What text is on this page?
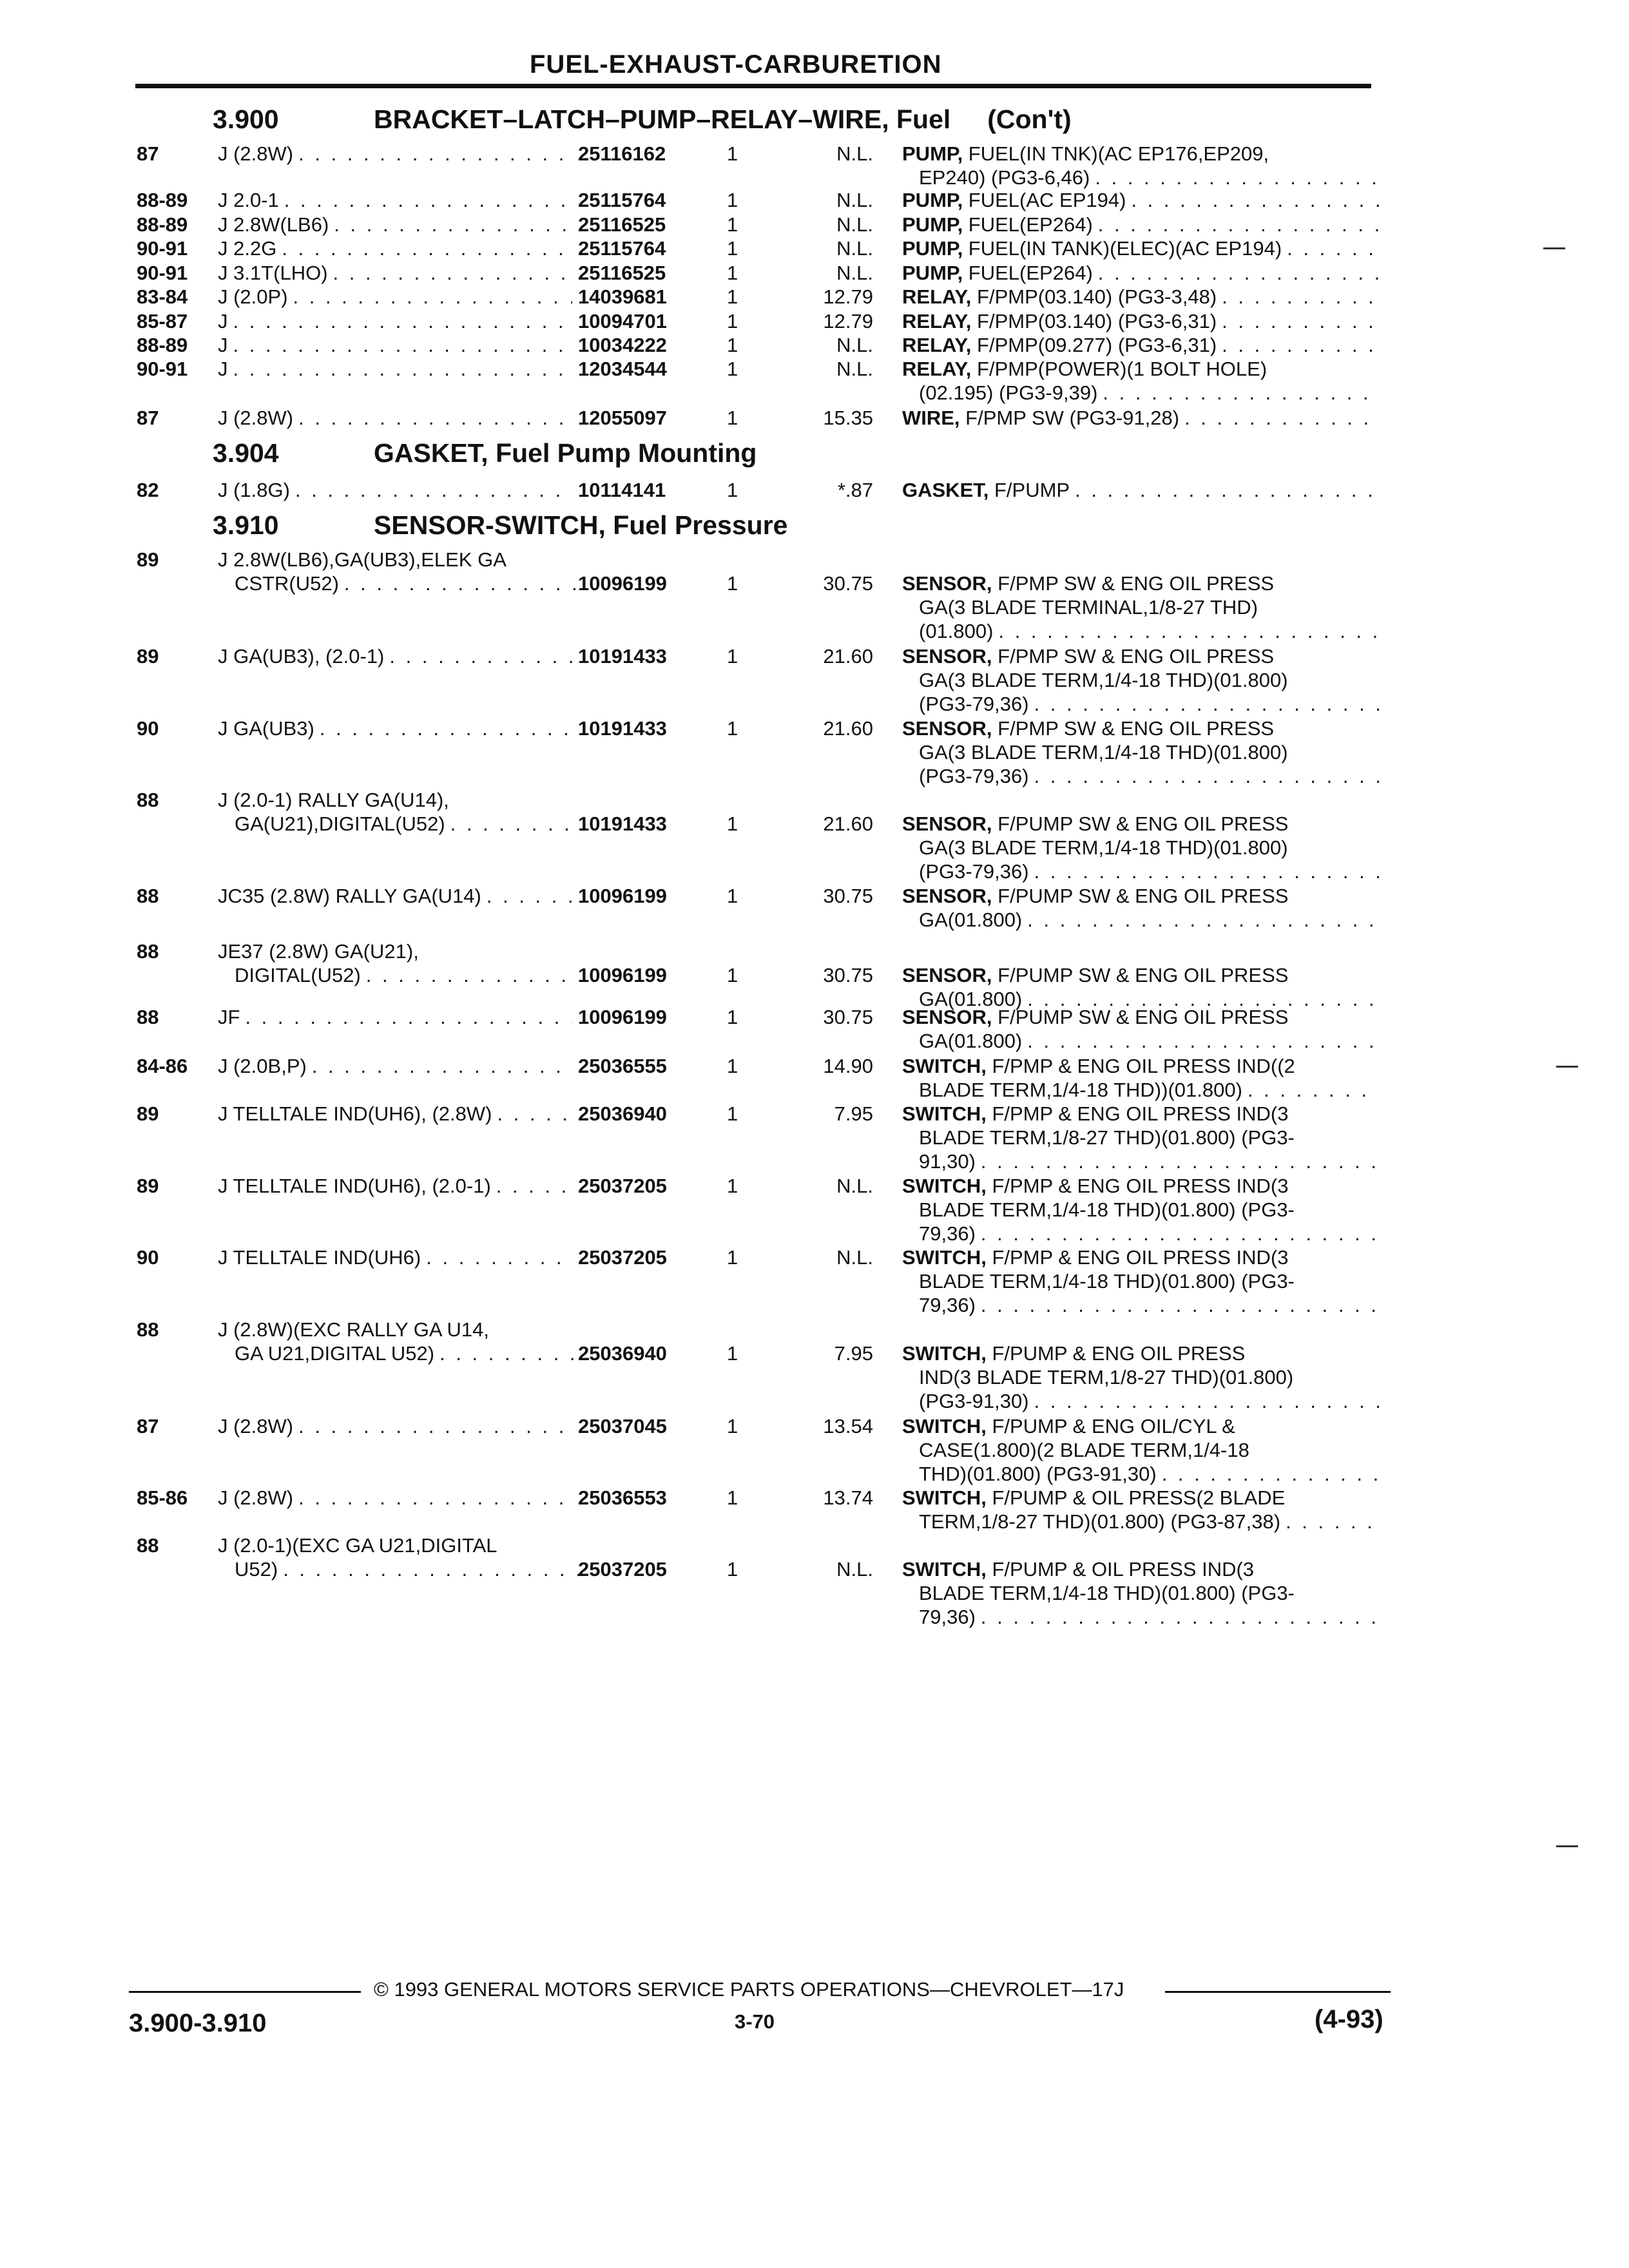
FUEL-EXHAUST-CARBURETION
3.900	BRACKET–LATCH–PUMP–RELAY–WIRE, Fuel     (Con't)
3.904	GASKET, Fuel Pump Mounting
3.910	SENSOR-SWITCH, Fuel Pressure
87	J (2.8W) . . .	25116162	1	N.L. PUMP, FUEL(IN TNK)(AC EP176,EP209,
EP240) (PG3-6,46)
. . .
88-89 J 2.0-1 . . .	25115764	1	N.L. PUMP, FUEL(AC EP194)
. . .
88-89 J 2.8W(LB6) . . .	25116525	1	N.L. PUMP, FUEL(EP264)
. . .
90-91 J 2.2G . . .	25115764	1	N.L. PUMP, FUEL(IN TANK)(ELEC)(AC EP194)
. . .
90-91 J 3.1T(LHO) . . .	25116525	1	N.L. PUMP, FUEL(EP264)
. . .
83-84 J (2.0P) . . .	14039681	1	12.79 RELAY, F/PMP(03.140) (PG3-3,48)
. . .
85-87 J . . .	10094701	1	12.79 RELAY, F/PMP(03.140) (PG3-6,31)
. . .
88-89 J . . .	10034222	1	N.L. RELAY, F/PMP(09.277) (PG3-6,31)
. . .
90-91 J . . .	12034544	1	N.L. RELAY, F/PMP(POWER)(1 BOLT HOLE)
(02.195) (PG3-9,39)
. . .
87	J (2.8W) . . .	12055097	1	15.35 WIRE, F/PMP SW (PG3-91,28)
. . .
82	J (1.8G) . . .	10114141	1	*.87 GASKET, F/PUMP
. . .
89	J 2.8W(LB6),GA(UB3),ELEK GA
CSTR(U52) . . .	10096199	1	30.75 SENSOR, F/PMP SW & ENG OIL PRESS
GA(3 BLADE TERMINAL,1/8-27 THD)
(01.800)
. . .
89	J GA(UB3), (2.0-1) . . .	10191433	1	21.60 SENSOR, F/PMP SW & ENG OIL PRESS
GA(3 BLADE TERM,1/4-18 THD)(01.800)
(PG3-79,36)
. . .
90	J GA(UB3) . . .	10191433	1	21.60 SENSOR, F/PMP SW & ENG OIL PRESS
GA(3 BLADE TERM,1/4-18 THD)(01.800)
(PG3-79,36)
. . .
88	J (2.0-1) RALLY GA(U14),
GA(U21),DIGITAL(U52) . . .	10191433	1	21.60 SENSOR, F/PUMP SW & ENG OIL PRESS
GA(3 BLADE TERM,1/4-18 THD)(01.800)
(PG3-79,36)
. . .
88	JC35 (2.8W) RALLY GA(U14) . . .	10096199	1	30.75 SENSOR, F/PUMP SW & ENG OIL PRESS
GA(01.800)
. . .
88	JE37 (2.8W) GA(U21),
DIGITAL(U52) . . .	10096199	1	30.75 SENSOR, F/PUMP SW & ENG OIL PRESS
GA(01.800)
. . .
88	JF . . .	10096199	1	30.75 SENSOR, F/PUMP SW & ENG OIL PRESS
GA(01.800)
. . .
84-86 J (2.0B,P) . . .	25036555	1	14.90 SWITCH, F/PMP & ENG OIL PRESS IND((2
BLADE TERM,1/4-18 THD))(01.800)
. . .
89	J TELLTALE IND(UH6), (2.8W) . . .	25036940	1	7.95 SWITCH, F/PMP & ENG OIL PRESS IND(3
BLADE TERM,1/8-27 THD)(01.800) (PG3-
91,30)
. . .
89	J TELLTALE IND(UH6), (2.0-1) . . .	25037205	1	N.L. SWITCH, F/PMP & ENG OIL PRESS IND(3
BLADE TERM,1/4-18 THD)(01.800) (PG3-
79,36)
. . .
90	J TELLTALE IND(UH6) . . .	25037205	1	N.L. SWITCH, F/PMP & ENG OIL PRESS IND(3
BLADE TERM,1/4-18 THD)(01.800) (PG3-
79,36)
. . .
88	J (2.8W)(EXC RALLY GA U14,
GA U21,DIGITAL U52) . . .	25036940	1	7.95 SWITCH, F/PUMP & ENG OIL PRESS
IND(3 BLADE TERM,1/8-27 THD)(01.800)
(PG3-91,30)
. . .
87	J (2.8W) . . .	25037045	1	13.54 SWITCH, F/PUMP & ENG OIL/CYL &
CASE(1.800)(2 BLADE TERM,1/4-18
THD)(01.800) (PG3-91,30)
. . .
85-86 J (2.8W) . . .	25036553	1	13.74 SWITCH, F/PUMP & OIL PRESS(2 BLADE
TERM,1/8-27 THD)(01.800) (PG3-87,38)
. . .
88	J (2.0-1)(EXC GA U21,DIGITAL
U52) . . .	25037205	1	N.L. SWITCH, F/PUMP & OIL PRESS IND(3
BLADE TERM,1/4-18 THD)(01.800) (PG3-
79,36)
. . .
© 1993 GENERAL MOTORS SERVICE PARTS OPERATIONS—CHEVROLET—17J
3.900-3.910	3-70	(4-93)
